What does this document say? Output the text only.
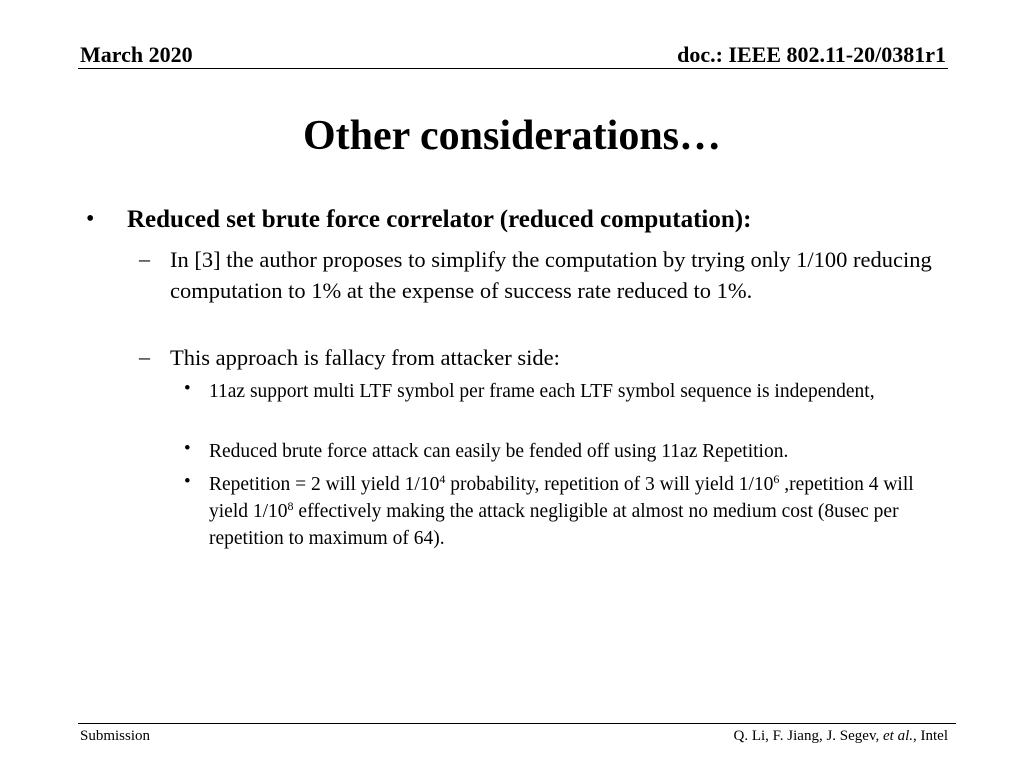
March 2020	doc.: IEEE 802.11-20/0381r1
Other considerations…
• Reduced set brute force correlator (reduced computation):
– In [3] the author proposes to simplify the computation by trying only 1/100 reducing computation to 1% at the expense of success rate reduced to 1%.
– This approach is fallacy from attacker side:
• 11az support multi LTF symbol per frame each LTF symbol sequence is independent,
• Reduced brute force attack can easily be fended off using 11az Repetition.
• Repetition = 2 will yield $1/10^4$ probability, repetition of 3 will yield $1/10^6$ ,repetition 4 will yield $1/10^8$ effectively making the attack negligible at almost no medium cost (8usec per repetition to maximum of 64).
Submission	Q. Li, F. Jiang, J. Segev, et al., Intel
